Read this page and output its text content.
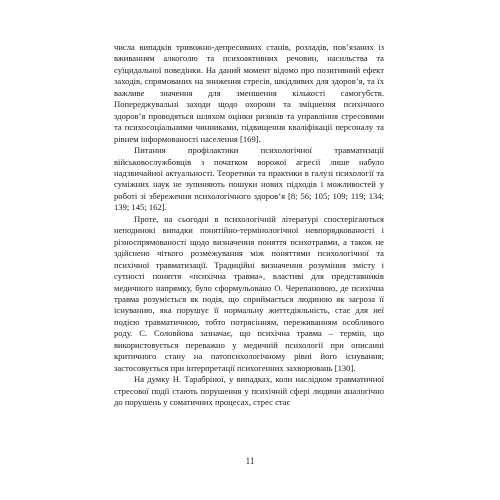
числа випадків тривожно-депресивних станів, розладів, пов’язаних із вживанням алкоголю та психоактивних речовин, насильства та суїцидальної поведінки. На даний момент відомо про позитивний ефект заходів, спрямованих на зниження стресів, шкідливих для здоров’я, та їх важливе значення для зменшення кількості самогубств. Попереджувальні заходи щодо охорони та зміцнення психічного здоров’я проводяться шляхом оцінки ризиків та управління стресовими та психосоціальними чинниками, підвищення кваліфікації персоналу та рівнем інформованості населення [169].

Питання профілактики психологічної травматизації військовослужбовців з початком ворожої агресії лише набуло надзвичайної актуальності. Теоретики та практики в галузі психології та суміжних наук не зупиняють пошуки нових підходів і можливостей у роботі зі збереження психологічного здоров’я [8; 56; 105; 109; 119; 134; 139; 145; 162].

Проте, на сьогодні в психологічній літературі спостерігаються неподинокі випадки понятійно-термінологічної невпорядкованості і різноспрямованості щодо визначення поняття психотравми, а також не здійснено чіткого розмежування між поняттями психологічної та психічної травматизації. Традиційні визначення розуміння змісту і сутності поняття «психічна травма», властиві для представників медичного напрямку, було сформульовано О. Черепановою, де психічна травма розуміється як подія, що сприймається людиною як загроза її існуванню, яка порушує її нормальну життєдіяльність, стає для неї подією травматичною, тобто потрясінням, переживанням особливого роду. С. Соловйова зазначає, що психічна травма – термін, що використовується переважно у медичній психології при описанні критичного стану на патопсихологічному рівні його існування; застосовується при інтерпретації психогенних захворювань [130].

На думку Н. Тарабріної, у випадках, коли наслідком травматичної стресової події стають порушення у психічній сфері людини аналогічно до порушень у соматичних процесах, стрес стає

11
